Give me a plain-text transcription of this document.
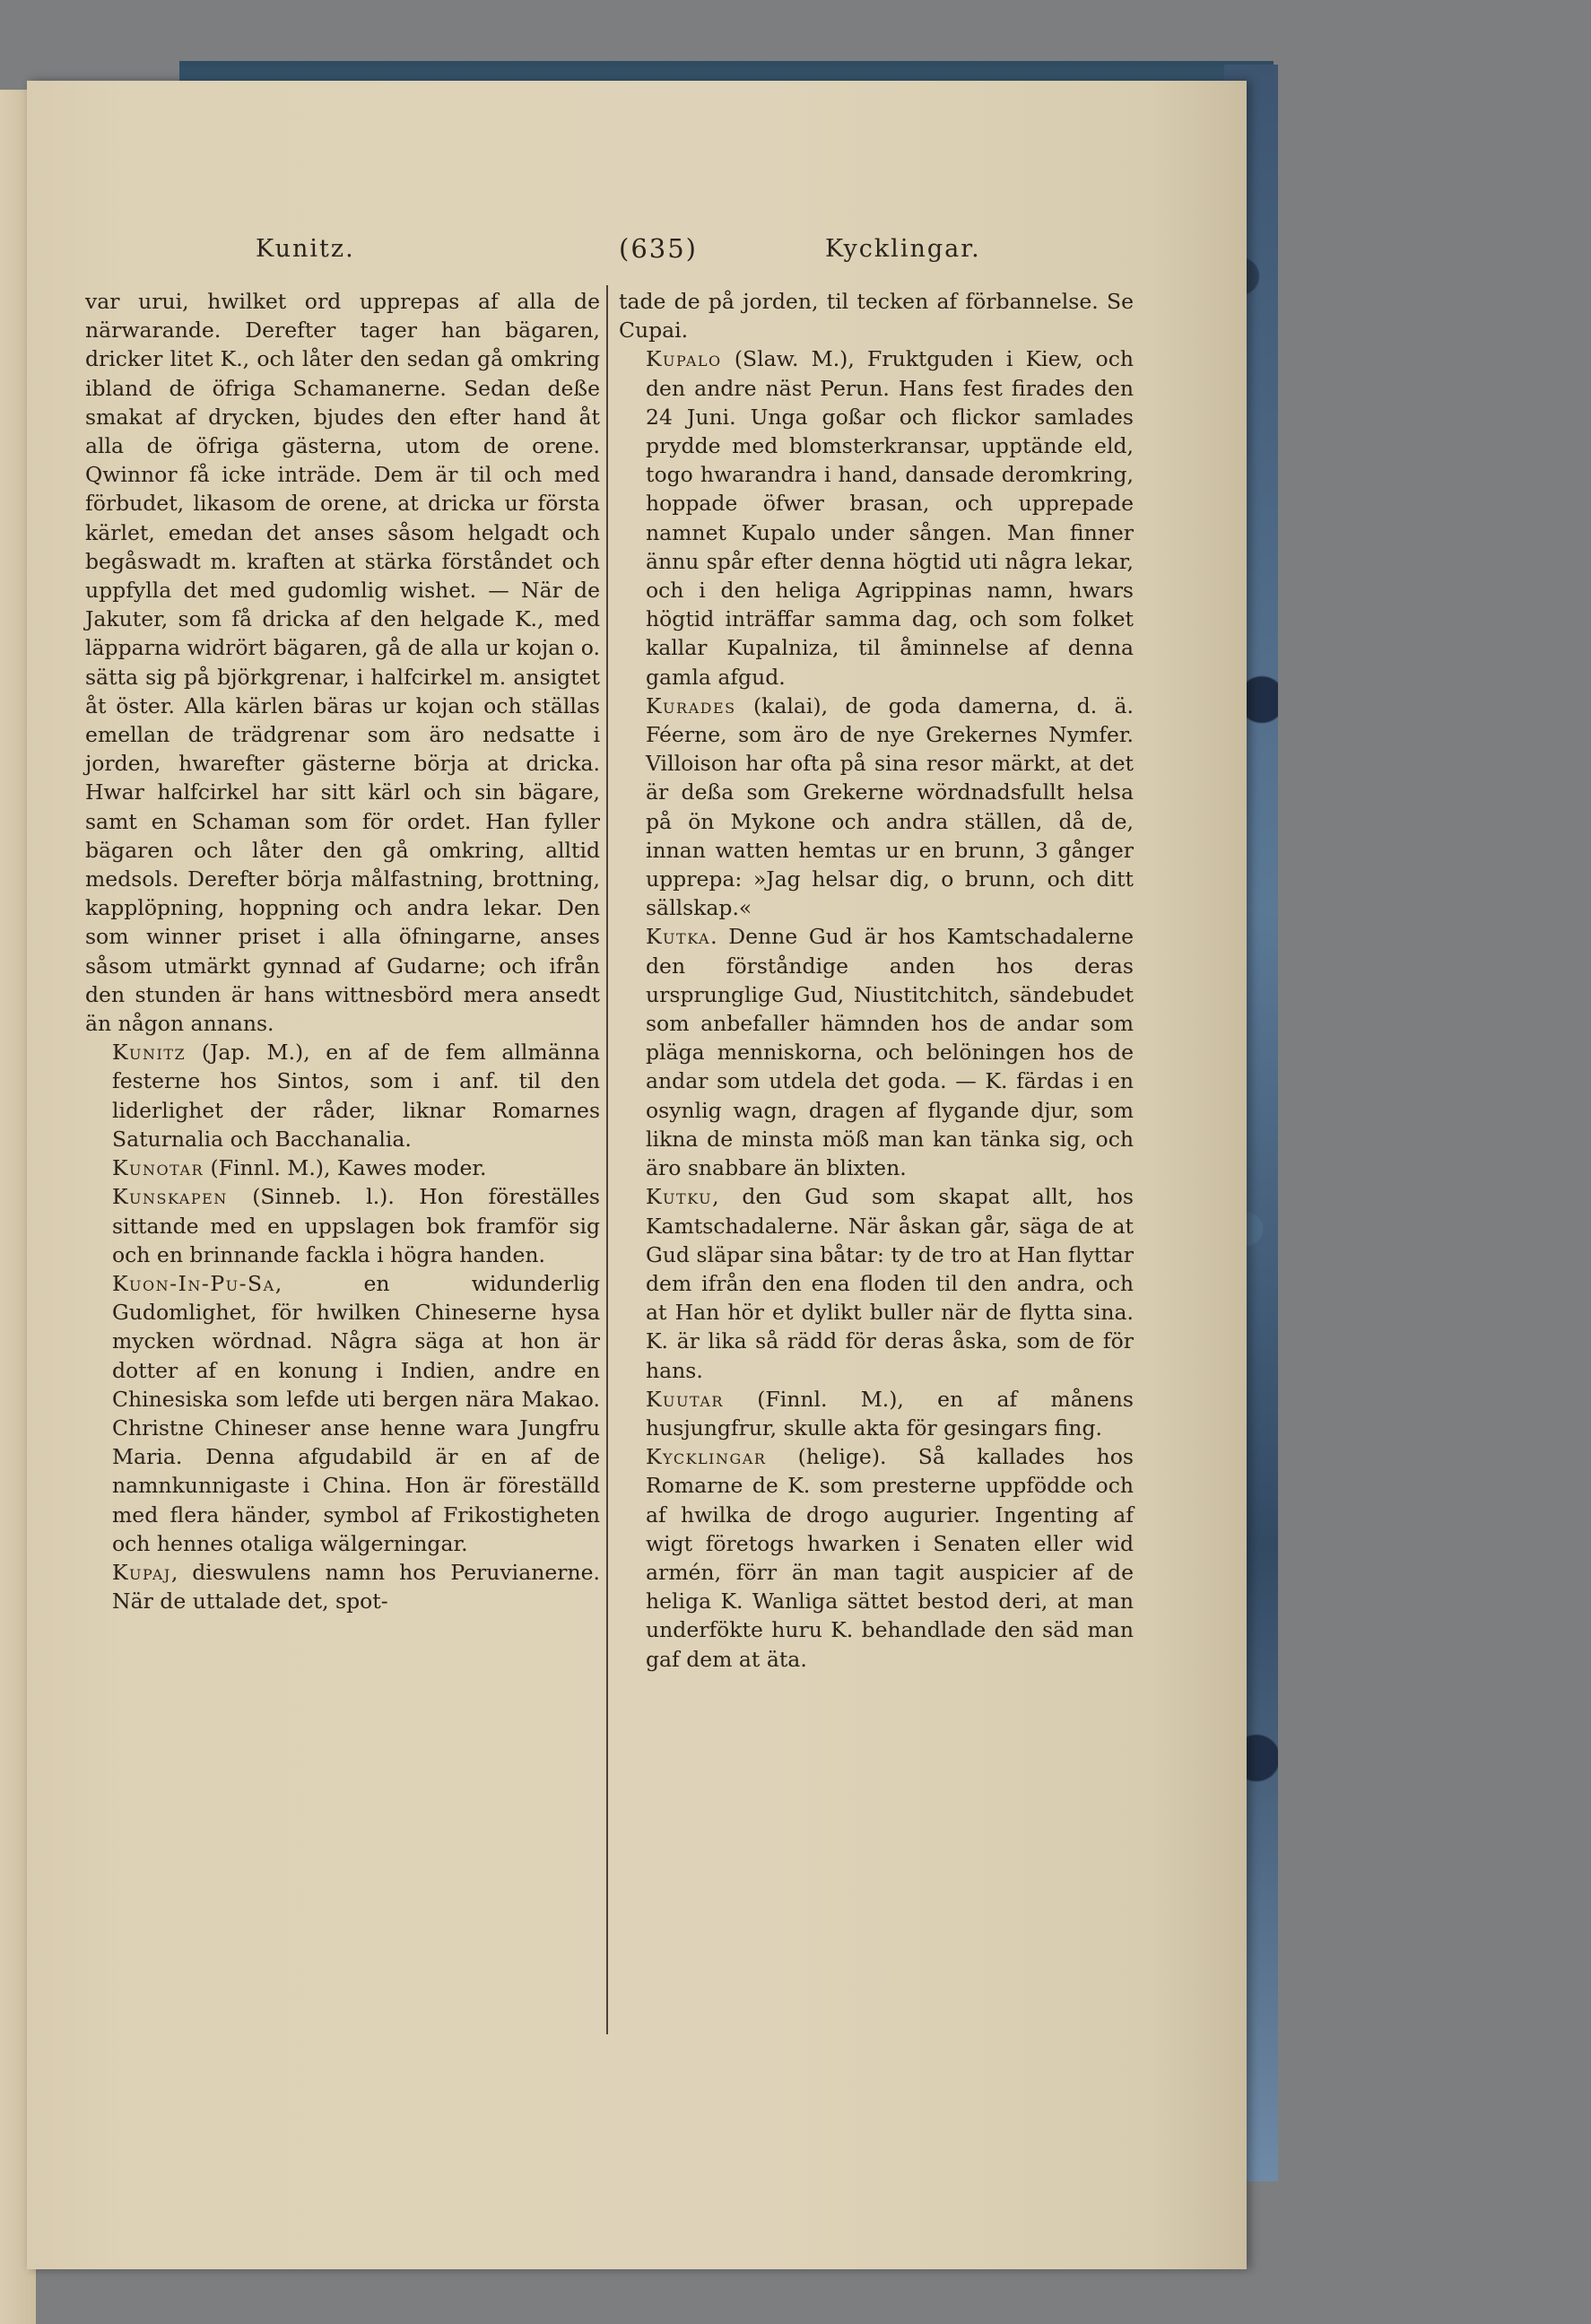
Kunitz.	(635)	Kycklingar.

var urui, hwilket ord upprepas af alla de närwarande. Derefter tager han bägaren, dricker litet K., och låter den sedan gå omkring ibland de öfriga Schamanerne. Sedan deße smakat af drycken, bjudes den efter hand åt alla de öfriga gästerna, utom de orene. Qwinnor få icke inträde. Dem är til och med förbudet, likasom de orene, at dricka ur första kärlet, emedan det anses såsom helgadt och begåswadt m. kraften at stärka förståndet och uppfylla det med gudomlig wishet. — När de Jakuter, som få dricka af den helgade K., med läpparna widrört bägaren, gå de alla ur kojan o. sätta sig på björkgrenar, i halfcirkel m. ansigtet åt öster. Alla kärlen bäras ur kojan och ställas emellan de trädgrenar som äro nedsatte i jorden, hwarefter gästerne börja at dricka. Hwar halfcirkel har sitt kärl och sin bägare, samt en Schaman som för ordet. Han fyller bägaren och låter den gå omkring, alltid medsols. Derefter börja målfastning, brottning, kapplöpning, hoppning och andra lekar. Den som winner priset i alla öfningarne, anses såsom utmärkt gynnad af Gudarne; och ifrån den stunden är hans wittnesbörd mera ansedt än någon annans.

Kunitz (Jap. M.), en af de fem allmänna festerne hos Sintos, som i anf. til den liderlighet der råder, liknar Romarnes Saturnalia och Bacchanalia.

Kunotar (Finnl. M.), Kawes moder.

Kunskapen (Sinneb. l.). Hon föreställes sittande med en uppslagen bok framför sig och en brinnande fackla i högra handen.

Kuon-In-Pu-Sa, en widunderlig Gudomlighet, för hwilken Chineserne hysa mycken wördnad. Några säga at hon är dotter af en konung i Indien, andre en Chinesiska som lefde uti bergen nära Makao. Christne Chineser anse henne wara Jungfru Maria. Denna afgudabild är en af de namnkunnigaste i China. Hon är föreställd med flera händer, symbol af Frikostigheten och hennes otaliga wälgerningar.

Kupaj, dieswulens namn hos Peruvianerne. När de uttalade det, spot-

tade de på jorden, til tecken af förbannelse. Se Cupai.

Kupalo (Slaw. M.), Fruktguden i Kiew, och den andre näst Perun. Hans fest firades den 24 Juni. Unga goßar och flickor samlades prydde med blomsterkransar, upptände eld, togo hwarandra i hand, dansade deromkring, hoppade öfwer brasan, och upprepade namnet Kupalo under sången. Man finner ännu spår efter denna högtid uti några lekar, och i den heliga Agrippinas namn, hwars högtid inträffar samma dag, och som folket kallar Kupalniza, til åminnelse af denna gamla afgud.

Kurades (kalai), de goda damerna, d. ä. Féerne, som äro de nye Grekernes Nymfer. Villoison har ofta på sina resor märkt, at det är deßa som Grekerne wördnadsfullt helsa på ön Mykone och andra ställen, då de, innan watten hemtas ur en brunn, 3 gånger upprepa: »Jag helsar dig, o brunn, och ditt sällskap.«

Kutka. Denne Gud är hos Kamtschadalerne den förståndige anden hos deras ursprunglige Gud, Niustitchitch, sändebudet som anbefaller hämnden hos de andar som pläga menniskorna, och belöningen hos de andar som utdela det goda. — K. färdas i en osynlig wagn, dragen af flygande djur, som likna de minsta möß man kan tänka sig, och äro snabbare än blixten.

Kutku, den Gud som skapat allt, hos Kamtschadalerne. När åskan går, säga de at Gud släpar sina båtar: ty de tro at Han flyttar dem ifrån den ena floden til den andra, och at Han hör et dylikt buller när de flytta sina. K. är lika så rädd för deras åska, som de för hans.

Kuutar (Finnl. M.), en af månens husjungfrur, skulle akta för gesingars fing.

Kycklingar (helige). Så kallades hos Romarne de K. som presterne uppfödde och af hwilka de drogo augurier. Ingenting af wigt företogs hwarken i Senaten eller wid armén, förr än man tagit auspicier af de heliga K. Wanliga sättet bestod deri, at man underfökte huru K. behandlade den säd man gaf dem at äta.
